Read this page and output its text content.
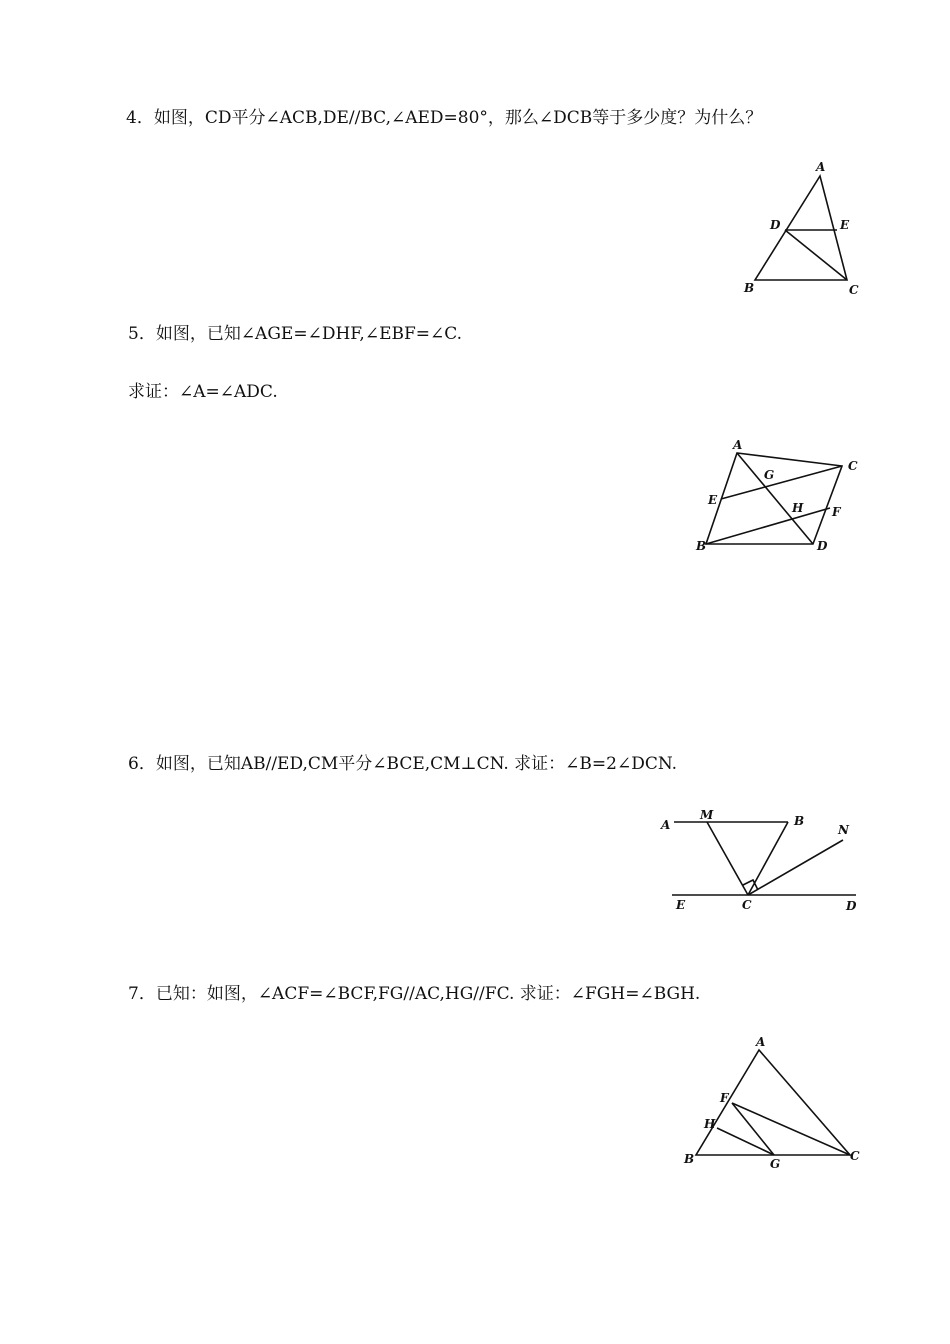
4．如图，CD平分∠ACB,DE//BC,∠AED=80°，那么∠DCB等于多少度？为什么？

A
B	C
D	E

5．如图，已知∠AGE=∠DHF,∠EBF=∠C.

求证：∠A=∠ADC.

A
B
C
D
E
F
G
H

6．如图，已知AB//ED,CM平分∠BCE,CM⊥CN. 求证：∠B=2∠DCN.

A	B
C	D
E
M
N

7．已知：如图，∠ACF=∠BCF,FG//AC,HG//FC. 求证：∠FGH=∠BGH.

A
B	C
F
G
H
